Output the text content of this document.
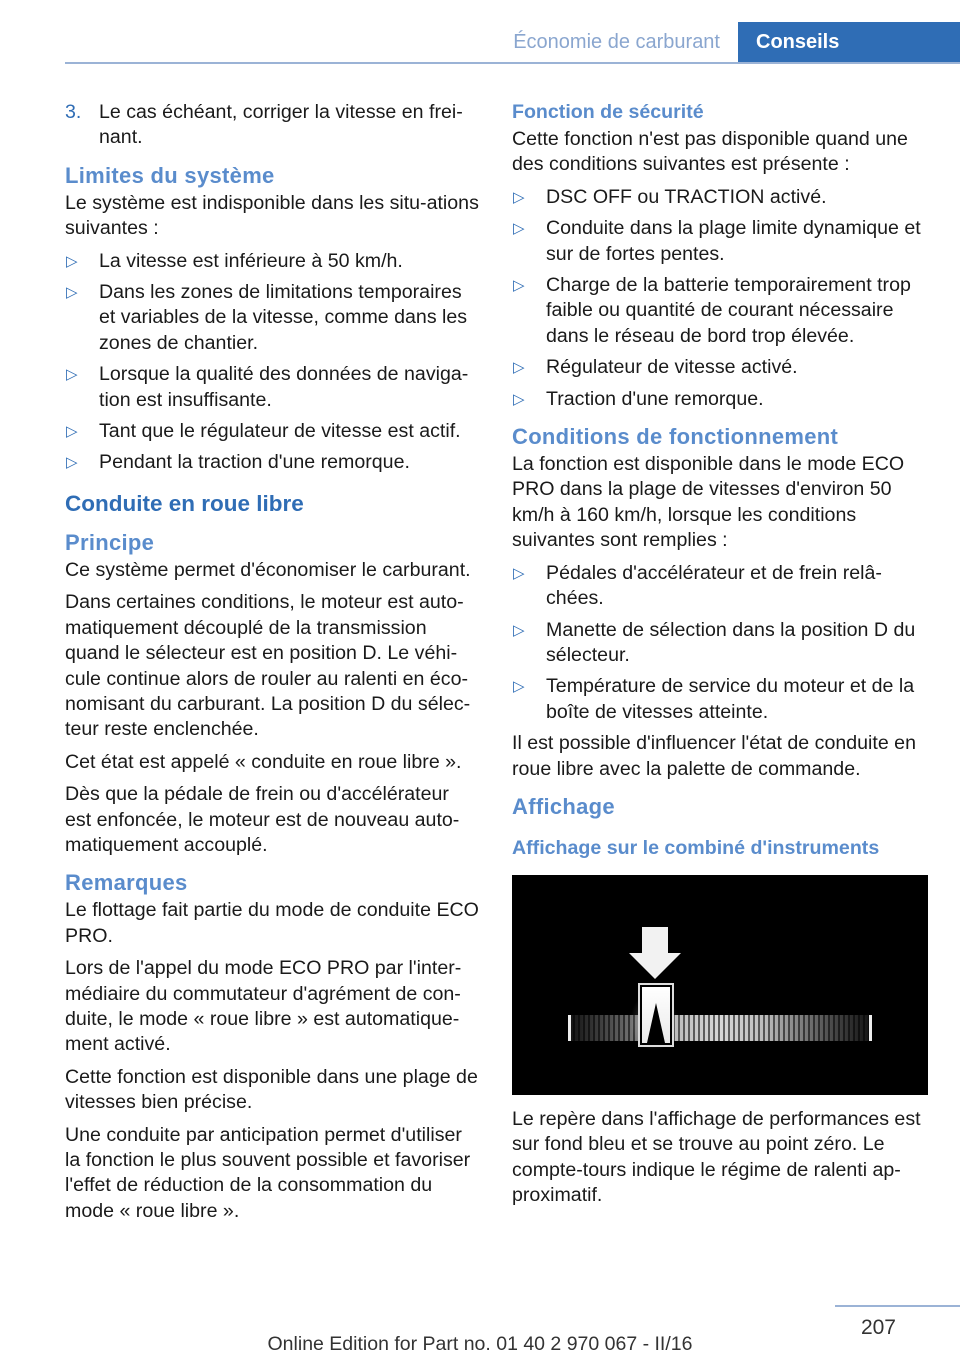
Économie de carburant	Conseils
3. Le cas échéant, corriger la vitesse en frei‐nant.
Limites du système

Le système est indisponible dans les situ‐ations suivantes :

▷ La vitesse est inférieure à 50 km/h.
▷ Dans les zones de limitations temporaires et variables de la vitesse, comme dans les zones de chantier.
▷ Lorsque la qualité des données de naviga‐tion est insuffisante.
▷ Tant que le régulateur de vitesse est actif.
▷ Pendant la traction d'une remorque.
Conduite en roue libre
Principe

Ce système permet d'économiser le carburant.

Dans certaines conditions, le moteur est auto‐matiquement découplé de la transmission quand le sélecteur est en position D. Le véhi‐cule continue alors de rouler au ralenti en éco‐nomisant du carburant. La position D du sélec‐teur reste enclenchée.

Cet état est appelé « conduite en roue libre ».

Dès que la pédale de frein ou d'accélérateur est enfoncée, le moteur est de nouveau auto‐matiquement accouplé.

Remarques

Le flottage fait partie du mode de conduite ECO PRO.

Lors de l'appel du mode ECO PRO par l'inter‐médiaire du commutateur d'agrément de con‐duite, le mode « roue libre » est automatique‐ment activé.

Cette fonction est disponible dans une plage de vitesses bien précise.

Une conduite par anticipation permet d'utiliser la fonction le plus souvent possible et favoriser l'effet de réduction de la consommation du mode « roue libre ».

Fonction de sécurité

Cette fonction n'est pas disponible quand une des conditions suivantes est présente :

▷ DSC OFF ou TRACTION activé.
▷ Conduite dans la plage limite dynamique et sur de fortes pentes.
▷ Charge de la batterie temporairement trop faible ou quantité de courant nécessaire dans le réseau de bord trop élevée.
▷ Régulateur de vitesse activé.
▷ Traction d'une remorque.
Conditions de fonctionnement

La fonction est disponible dans le mode ECO PRO dans la plage de vitesses d'environ 50 km/h à 160 km/h, lorsque les conditions suivantes sont remplies :

▷ Pédales d'accélérateur et de frein relâ‐chées.
▷ Manette de sélection dans la position D du sélecteur.
▷ Température de service du moteur et de la boîte de vitesses atteinte.

Il est possible d'influencer l'état de conduite en roue libre avec la palette de commande.

Affichage
Affichage sur le combiné d'instruments

Le repère dans l'affichage de performances est sur fond bleu et se trouve au point zéro. Le compte-tours indique le régime de ralenti ap‐proximatif.

207
Online Edition for Part no. 01 40 2 970 067 - II/16
